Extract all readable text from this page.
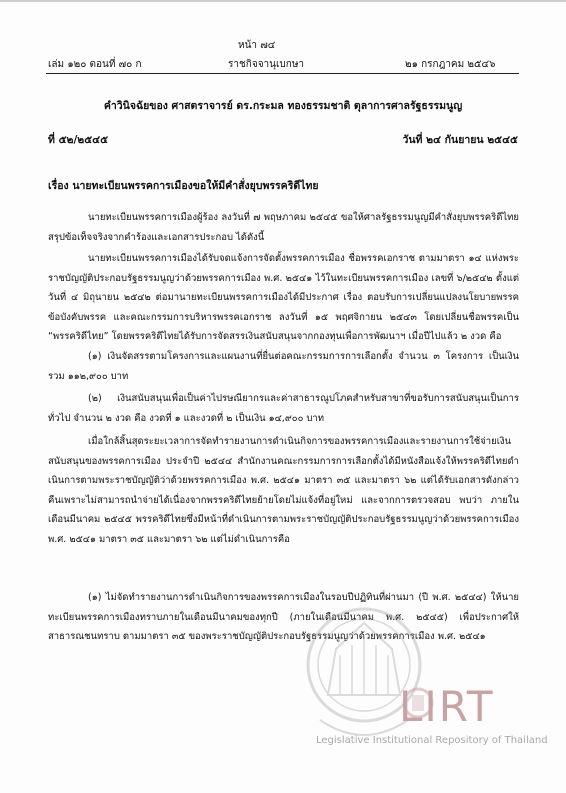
หน้า ๗๔
เล่ม ๑๒๐ ตอนที่ ๗๐ ก	ราชกิจจานุเบกษา	๒๑ กรกฎาคม ๒๕๔๖
คำวินิจฉัยของ ศาสตราจารย์ ดร.กระมล ทองธรรมชาติ ตุลาการศาลรัฐธรรมนูญ
ที่ ๕๒/๒๕๔๕	วันที่ ๒๔ กันยายน ๒๕๔๕
เรื่อง นายทะเบียนพรรคการเมืองขอให้มีคำสั่งยุบพรรคริดีไทย

นายทะเบียนพรรคการเมืองผู้ร้อง ลงวันที่ ๗ พฤษภาคม ๒๕๔๕ ขอให้ศาลรัฐธรรมนูญมีคำสั่งยุบพรรคริดีไทย สรุปข้อเท็จจริงจากคำร้องและเอกสารประกอบ ได้ดังนี้

นายทะเบียนพรรคการเมืองได้รับจดแจ้งการจัดตั้งพรรคการเมือง ชื่อพรรคเอกราช ตามมาตรา ๑๔ แห่งพระราชบัญญัติประกอบรัฐธรรมนูญว่าด้วยพรรคการเมือง พ.ศ. ๒๕๔๑ ไว้ในทะเบียนพรรคการเมือง เลขที่ ๖/๒๕๔๒ ตั้งแต่วันที่ ๔ มิถุนายน ๒๕๔๒ ต่อมานายทะเบียนพรรคการเมืองได้มีประกาศ เรื่อง ตอบรับการเปลี่ยนแปลงนโยบายพรรค ข้อบังคับพรรค และคณะกรรมการบริหารพรรคเอกราช ลงวันที่ ๑๕ พฤศจิกายน ๒๕๔๓ โดยเปลี่ยนชื่อพรรคเป็น “พรรคริดีไทย” โดยพรรคริดีไทยได้รับการจัดสรรเงินสนับสนุนจากกองทุนเพื่อการพัฒนาฯ เมื่อปีไปแล้ว ๒ งวด คือ

(๑) เงินจัดสรรตามโครงการและแผนงานที่ยื่นต่อคณะกรรมการการเลือกตั้ง จำนวน ๓ โครงการ เป็นเงินรวม ๑๑๒,๙๐๐ บาท

(๒) เงินสนับสนุนเพื่อเป็นค่าไปรษณียากรและค่าสาธารณูปโภคสำหรับสาขาที่ขอรับการสนับสนุนเป็นการทั่วไป จำนวน ๒ งวด คือ งวดที่ ๑ และงวดที่ ๒ เป็นเงิน ๑๔,๙๐๐ บาท

เมื่อใกล้สิ้นสุดระยะเวลาการจัดทำรายงานการดำเนินกิจการของพรรคการเมืองและรายงานการใช้จ่ายเงินสนับสนุนของพรรคการเมือง ประจำปี ๒๕๔๔ สำนักงานคณะกรรมการการเลือกตั้งได้มีหนังสือแจ้งให้พรรคริดีไทยดำเนินการตามพระราชบัญญัติว่าด้วยพรรคการเมือง พ.ศ. ๒๕๔๑ มาตรา ๓๕ และมาตรา ๖๒ แต่ได้รับเอกสารดังกล่าวคืนเพราะไม่สามารถนำจ่ายได้เนื่องจากพรรคริดีไทยย้ายโดยไม่แจ้งที่อยู่ใหม่ และจากการตรวจสอบ พบว่า ภายในเดือนมีนาคม ๒๕๔๕ พรรคริดีไทยซึ่งมีหน้าที่ดำเนินการตามพระราชบัญญัติประกอบรัฐธรรมนูญว่าด้วยพรรคการเมือง พ.ศ. ๒๕๔๑ มาตรา ๓๕ และมาตรา ๖๒ แต่ไม่ดำเนินการคือ

(๑) ไม่จัดทำรายงานการดำเนินกิจการของพรรคการเมืองในรอบปีปฏิทินที่ผ่านมา (ปี พ.ศ. ๒๕๔๔) ให้นายทะเบียนพรรคการเมืองทราบภายในเดือนมีนาคมของทุกปี (ภายในเดือนมีนาคม พ.ศ. ๒๕๔๕) เพื่อประกาศให้สาธารณชนทราบ ตามมาตรา ๓๕ ของพระราชบัญญัติประกอบรัฐธรรมนูญว่าด้วยพรรคการเมือง พ.ศ. ๒๕๔๑

LIRT
Legislative Institutional Repository of Thailand
